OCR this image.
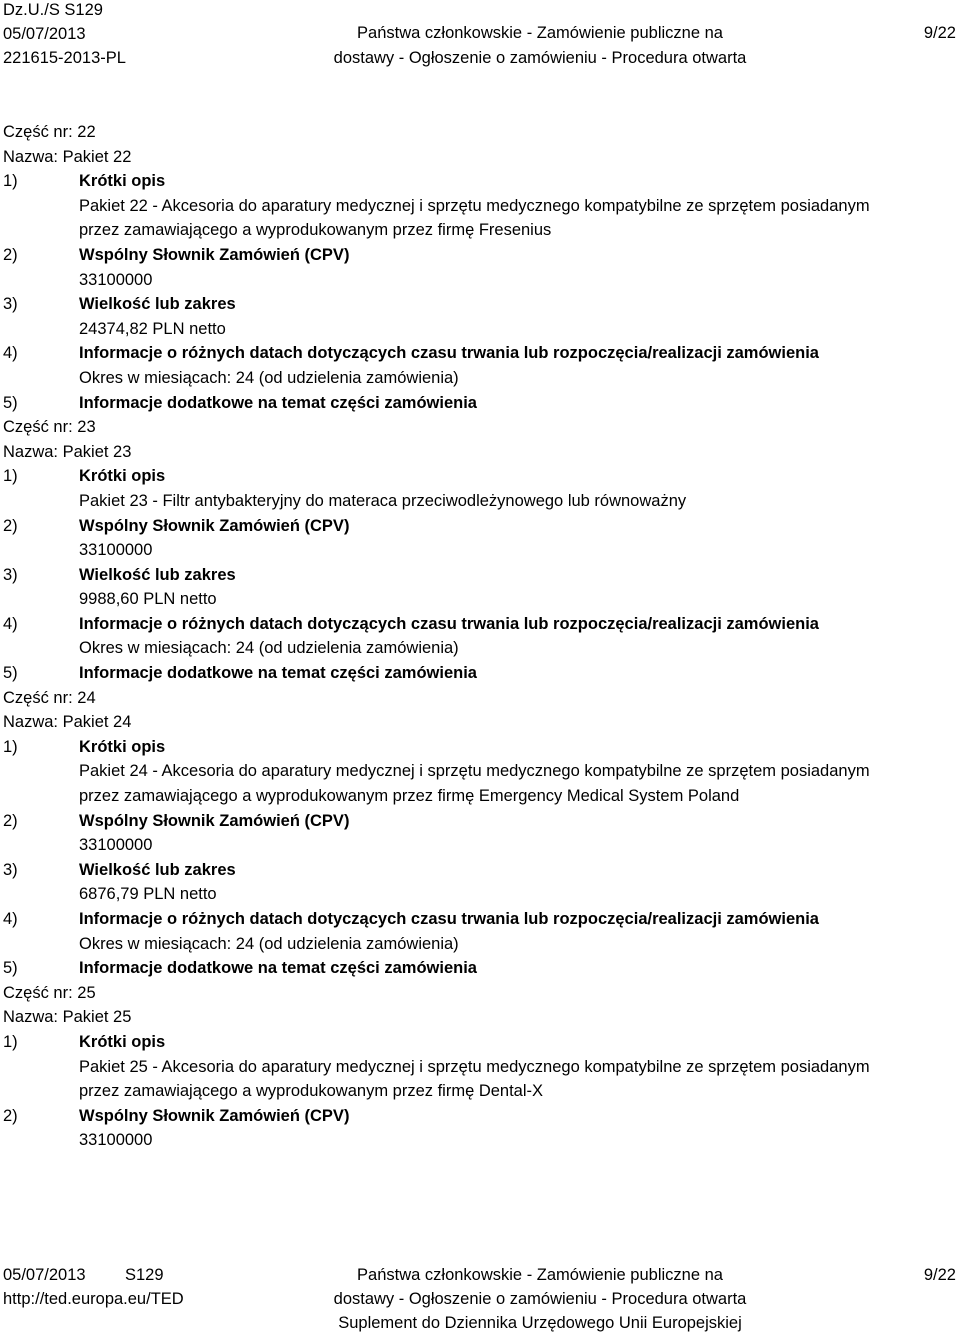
Dz.U./S S129
05/07/2013
221615-2013-PL
Państwa członkowskie - Zamówienie publiczne na
dostawy - Ogłoszenie o zamówieniu - Procedura otwarta
9/22
Część nr: 22
Nazwa: Pakiet 22
1)	Krótki opis
Pakiet 22 - Akcesoria do aparatury medycznej i sprzętu medycznego kompatybilne ze sprzętem posiadanym
przez zamawiającego a wyprodukowanym przez firmę Fresenius
2)	Wspólny Słownik Zamówień (CPV)
33100000
3)	Wielkość lub zakres
24374,82 PLN netto
4)	Informacje o różnych datach dotyczących czasu trwania lub rozpoczęcia/realizacji zamówienia
Okres w miesiącach: 24 (od udzielenia zamówienia)
5)	Informacje dodatkowe na temat części zamówienia
Część nr: 23
Nazwa: Pakiet 23
1)	Krótki opis
Pakiet 23 - Filtr antybakteryjny do materaca przeciwodleżynowego lub równoważny
2)	Wspólny Słownik Zamówień (CPV)
33100000
3)	Wielkość lub zakres
9988,60 PLN netto
4)	Informacje o różnych datach dotyczących czasu trwania lub rozpoczęcia/realizacji zamówienia
Okres w miesiącach: 24 (od udzielenia zamówienia)
5)	Informacje dodatkowe na temat części zamówienia
Część nr: 24
Nazwa: Pakiet 24
1)	Krótki opis
Pakiet 24 - Akcesoria do aparatury medycznej i sprzętu medycznego kompatybilne ze sprzętem posiadanym
przez zamawiającego a wyprodukowanym przez firmę Emergency Medical System Poland
2)	Wspólny Słownik Zamówień (CPV)
33100000
3)	Wielkość lub zakres
6876,79 PLN netto
4)	Informacje o różnych datach dotyczących czasu trwania lub rozpoczęcia/realizacji zamówienia
Okres w miesiącach: 24 (od udzielenia zamówienia)
5)	Informacje dodatkowe na temat części zamówienia
Część nr: 25
Nazwa: Pakiet 25
1)	Krótki opis
Pakiet 25 - Akcesoria do aparatury medycznej i sprzętu medycznego kompatybilne ze sprzętem posiadanym
przez zamawiającego a wyprodukowanym przez firmę Dental-X
2)	Wspólny Słownik Zamówień (CPV)
33100000
05/07/2013 S129
http://ted.europa.eu/TED
Państwa członkowskie - Zamówienie publiczne na
dostawy - Ogłoszenie o zamówieniu - Procedura otwarta
Suplement do Dziennika Urzędowego Unii Europejskiej
9/22
